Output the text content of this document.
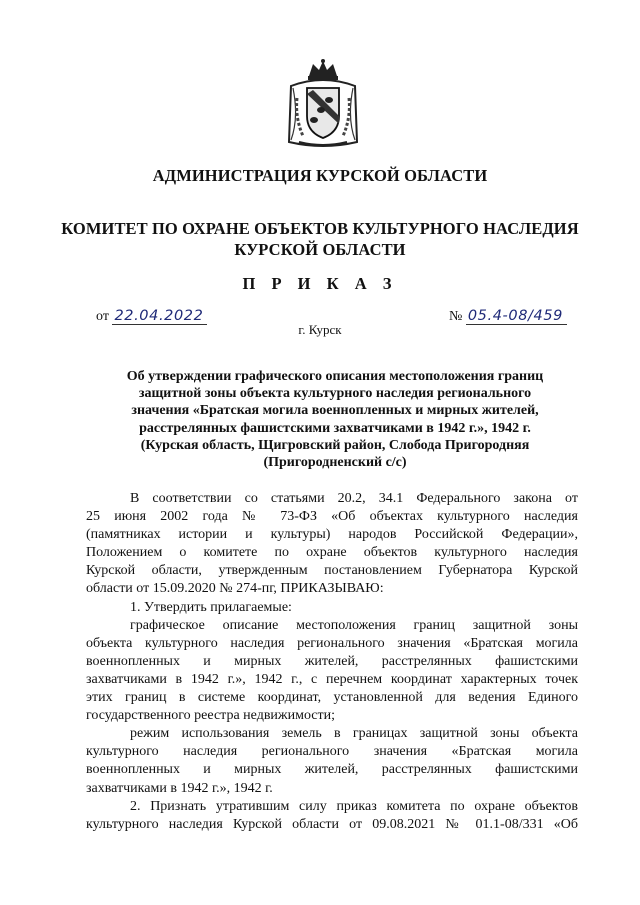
АДМИНИСТРАЦИЯ КУРСКОЙ ОБЛАСТИ
КОМИТЕТ ПО ОХРАНЕ ОБЪЕКТОВ КУЛЬТУРНОГО НАСЛЕДИЯ
КУРСКОЙ ОБЛАСТИ
П Р И К А З
от 22.04.2022	№ 05.4-08/459
г. Курск
Об утверждении графического описания местоположения границ
защитной зоны объекта культурного наследия регионального
значения «Братская могила военнопленных и мирных жителей,
расстрелянных фашистскими захватчиками в 1942 г.», 1942 г.
(Курская область, Щигровский район, Слобода Пригородняя
(Пригородненский с/с)
В соответствии со статьями 20.2, 34.1 Федерального закона от
25 июня 2002 года № 73-ФЗ «Об объектах культурного наследия
(памятниках истории и культуры) народов Российской Федерации»,
Положением о комитете по охране объектов культурного наследия
Курской области, утвержденным постановлением Губернатора Курской
области от 15.09.2020 № 274-пг, ПРИКАЗЫВАЮ:
1. Утвердить прилагаемые:
графическое описание местоположения границ защитной зоны
объекта культурного наследия регионального значения «Братская могила
военнопленных и мирных жителей, расстрелянных фашистскими
захватчиками в 1942 г.», 1942 г., с перечнем координат характерных точек
этих границ в системе координат, установленной для ведения Единого
государственного реестра недвижимости;
режим использования земель в границах защитной зоны объекта
культурного наследия регионального значения «Братская могила
военнопленных и мирных жителей, расстрелянных фашистскими
захватчиками в 1942 г.», 1942 г.
2. Признать утратившим силу приказ комитета по охране объектов
культурного наследия Курской области от 09.08.2021 № 01.1-08/331 «Об
